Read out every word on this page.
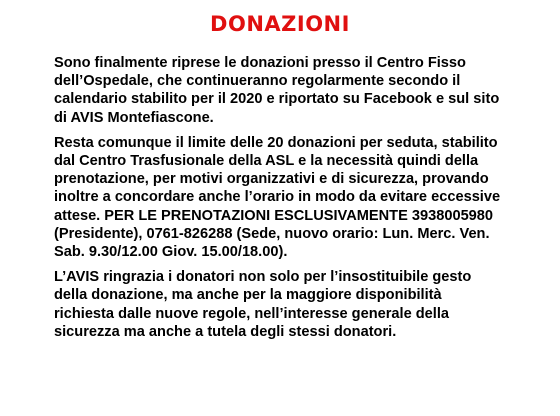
DONAZIONI

Sono finalmente riprese le donazioni presso il Centro Fisso
dell’Ospedale, che continueranno regolarmente secondo il
calendario stabilito per il 2020 e riportato su Facebook e sul sito
di AVIS Montefiascone.

Resta comunque il limite delle 20 donazioni per seduta, stabilito
dal Centro Trasfusionale della ASL e la necessità quindi della
prenotazione, per motivi organizzativi e di sicurezza, provando
inoltre a concordare anche l’orario in modo da evitare eccessive
attese. PER LE PRENOTAZIONI ESCLUSIVAMENTE 3938005980
(Presidente), 0761-826288 (Sede, nuovo orario: Lun. Merc. Ven.
Sab. 9.30/12.00 Giov. 15.00/18.00).

L’AVIS ringrazia i donatori non solo per l’insostituibile gesto
della donazione, ma anche per la maggiore disponibilità
richiesta dalle nuove regole, nell’interesse generale della
sicurezza ma anche a tutela degli stessi donatori.
